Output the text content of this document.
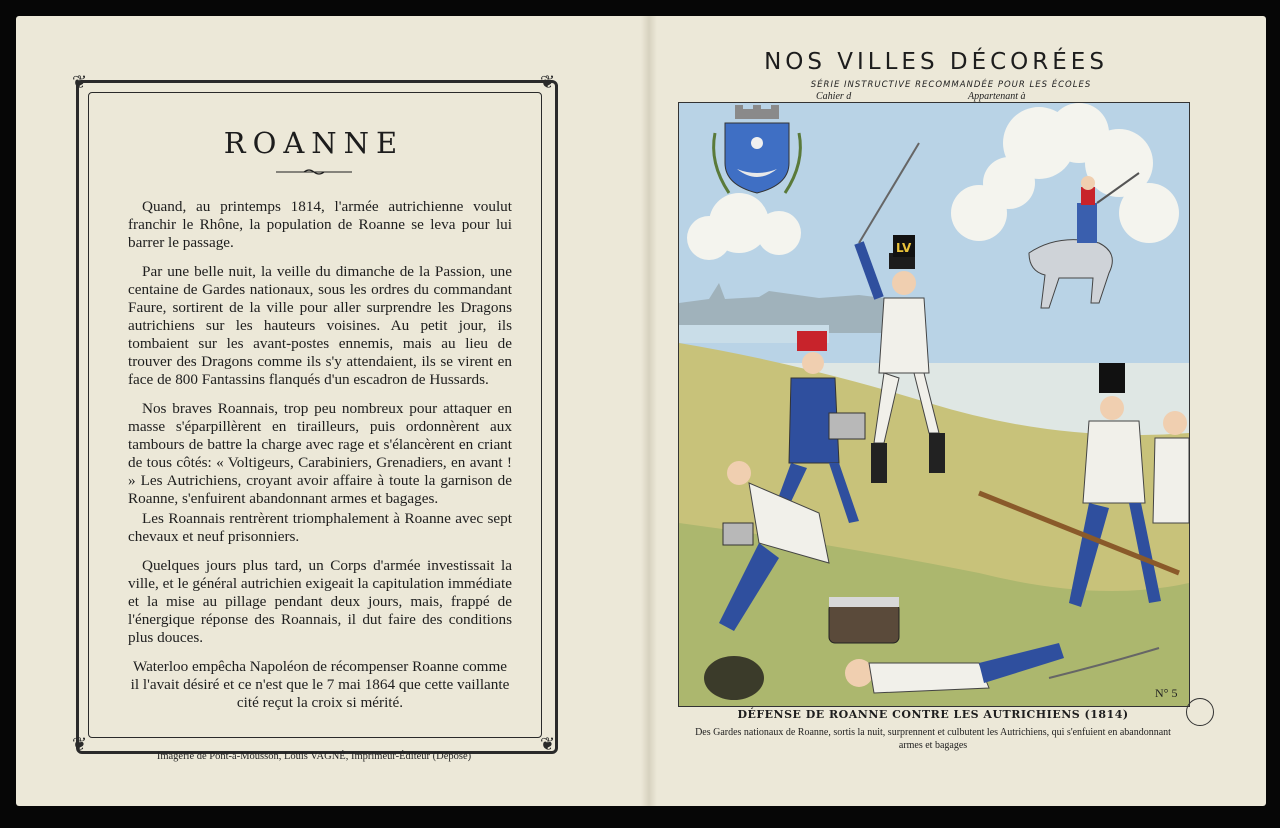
❦	❦
❦	❦
ROANNE

Quand, au printemps 1814, l'armée autrichienne voulut franchir le Rhône, la population de Roanne se leva pour lui barrer le passage.

Par une belle nuit, la veille du dimanche de la Passion, une centaine de Gardes nationaux, sous les ordres du commandant Faure, sortirent de la ville pour aller surprendre les Dragons autrichiens sur les hauteurs voisines. Au petit jour, ils tombaient sur les avant-postes ennemis, mais au lieu de trouver des Dragons comme ils s'y attendaient, ils se virent en face de 800 Fantassins flanqués d'un escadron de Hussards.

Nos braves Roannais, trop peu nombreux pour attaquer en masse s'éparpillèrent en tirailleurs, puis ordonnèrent aux tambours de battre la charge avec rage et s'élancèrent en criant de tous côtés: « Voltigeurs, Carabiniers, Grenadiers, en avant ! » Les Autrichiens, croyant avoir affaire à toute la garnison de Roanne, s'enfuirent abandonnant armes et bagages.

Les Roannais rentrèrent triomphalement à Roanne avec sept chevaux et neuf prisonniers.

Quelques jours plus tard, un Corps d'armée investissait la ville, et le général autrichien exigeait la capitulation immédiate et la mise au pillage pendant deux jours, mais, frappé de l'énergique réponse des Roannais, il dut faire des conditions plus douces.

Waterloo empêcha Napoléon de récompenser Roanne comme il l'avait désiré et ce n'est que le 7 mai 1864 que cette vaillante cité reçut la croix si mérité.

Imagerie de Pont-à-Mousson, Louis VAGNÉ, Imprimeur-Éditeur (Déposé)
NOS VILLES DÉCORÉES
SÉRIE INSTRUCTIVE RECOMMANDÉE POUR LES ÉCOLES
Cahier d	Appartenant à
LV
N° 5
DÉFENSE DE ROANNE CONTRE LES AUTRICHIENS (1814)
Des Gardes nationaux de Roanne, sortis la nuit, surprennent et culbutent les Autrichiens, qui s'enfuient en abandonnant armes et bagages
